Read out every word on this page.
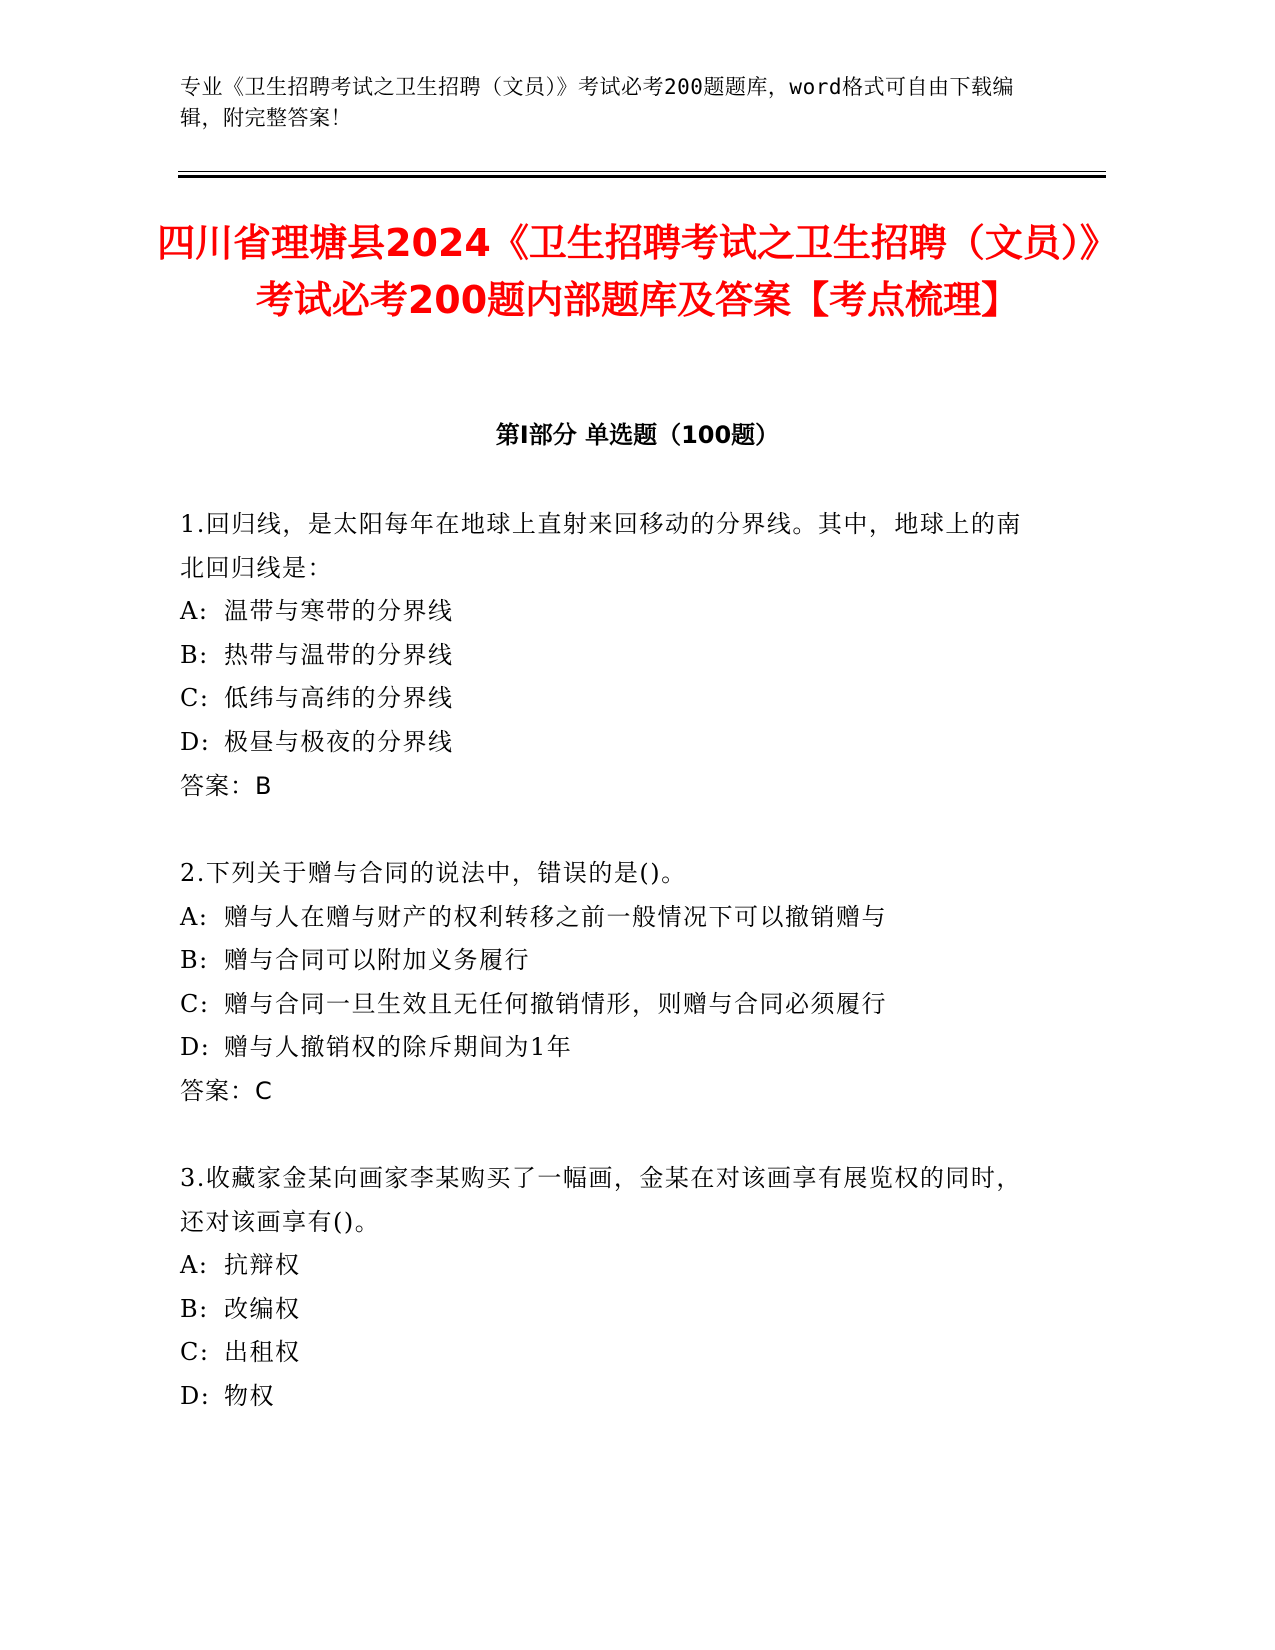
专业《卫生招聘考试之卫生招聘（文员）》考试必考200题题库，word格式可自由下载编辑，附完整答案！
四川省理塘县2024《卫生招聘考试之卫生招聘（文员）》考试必考200题内部题库及答案【考点梳理】
第Ⅰ部分 单选题（100题）
1.回归线，是太阳每年在地球上直射来回移动的分界线。其中，地球上的南北回归线是：
A: 温带与寒带的分界线
B: 热带与温带的分界线
C: 低纬与高纬的分界线
D: 极昼与极夜的分界线
答案：B
2.下列关于赠与合同的说法中，错误的是()。
A: 赠与人在赠与财产的权利转移之前一般情况下可以撤销赠与
B: 赠与合同可以附加义务履行
C: 赠与合同一旦生效且无任何撤销情形，则赠与合同必须履行
D: 赠与人撤销权的除斥期间为1年
答案：C
3.收藏家金某向画家李某购买了一幅画，金某在对该画享有展览权的同时，还对该画享有()。
A: 抗辩权
B: 改编权
C: 出租权
D: 物权
